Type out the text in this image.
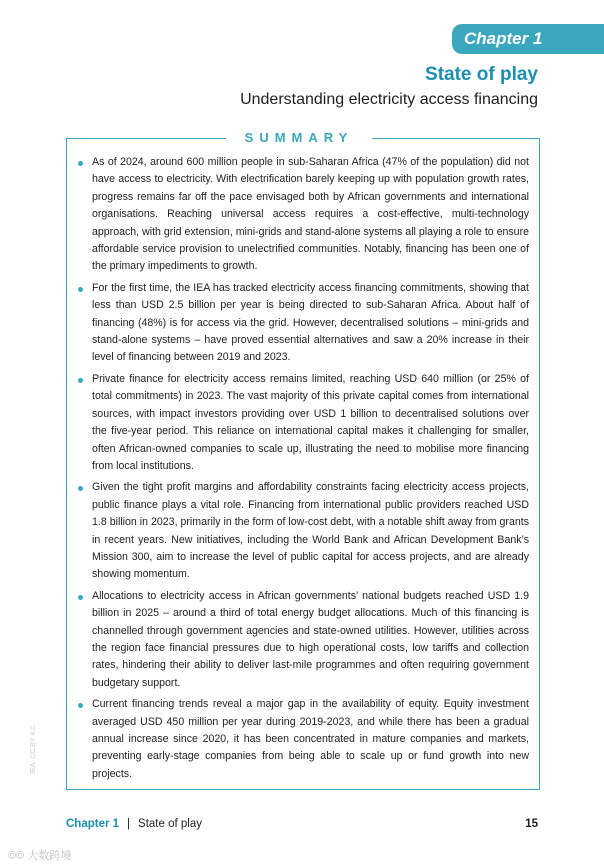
Chapter 1
State of play
Understanding electricity access financing
SUMMARY
As of 2024, around 600 million people in sub-Saharan Africa (47% of the population) did not have access to electricity. With electrification barely keeping up with population growth rates, progress remains far off the pace envisaged both by African governments and international organisations. Reaching universal access requires a cost-effective, multi-technology approach, with grid extension, mini-grids and stand-alone systems all playing a role to ensure affordable service provision to unelectrified communities. Notably, financing has been one of the primary impediments to growth.
For the first time, the IEA has tracked electricity access financing commitments, showing that less than USD 2.5 billion per year is being directed to sub-Saharan Africa. About half of financing (48%) is for access via the grid. However, decentralised solutions – mini-grids and stand-alone systems – have proved essential alternatives and saw a 20% increase in their level of financing between 2019 and 2023.
Private finance for electricity access remains limited, reaching USD 640 million (or 25% of total commitments) in 2023. The vast majority of this private capital comes from international sources, with impact investors providing over USD 1 billion to decentralised solutions over the five-year period. This reliance on international capital makes it challenging for smaller, often African-owned companies to scale up, illustrating the need to mobilise more financing from local institutions.
Given the tight profit margins and affordability constraints facing electricity access projects, public finance plays a vital role. Financing from international public providers reached USD 1.8 billion in 2023, primarily in the form of low-cost debt, with a notable shift away from grants in recent years. New initiatives, including the World Bank and African Development Bank’s Mission 300, aim to increase the level of public capital for access projects, and are already showing momentum.
Allocations to electricity access in African governments’ national budgets reached USD 1.9 billion in 2025 – around a third of total energy budget allocations. Much of this financing is channelled through government agencies and state-owned utilities. However, utilities across the region face financial pressures due to high operational costs, low tariffs and collection rates, hindering their ability to deliver last-mile programmes and often requiring government budgetary support.
Current financing trends reveal a major gap in the availability of equity. Equity investment averaged USD 450 million per year during 2019-2023, and while there has been a gradual annual increase since 2020, it has been concentrated in mature companies and markets, preventing early-stage companies from being able to scale up or fund growth into new projects.
IEA. CC BY 4.0.
Chapter 1 | State of play	15
©© 大数跨境
